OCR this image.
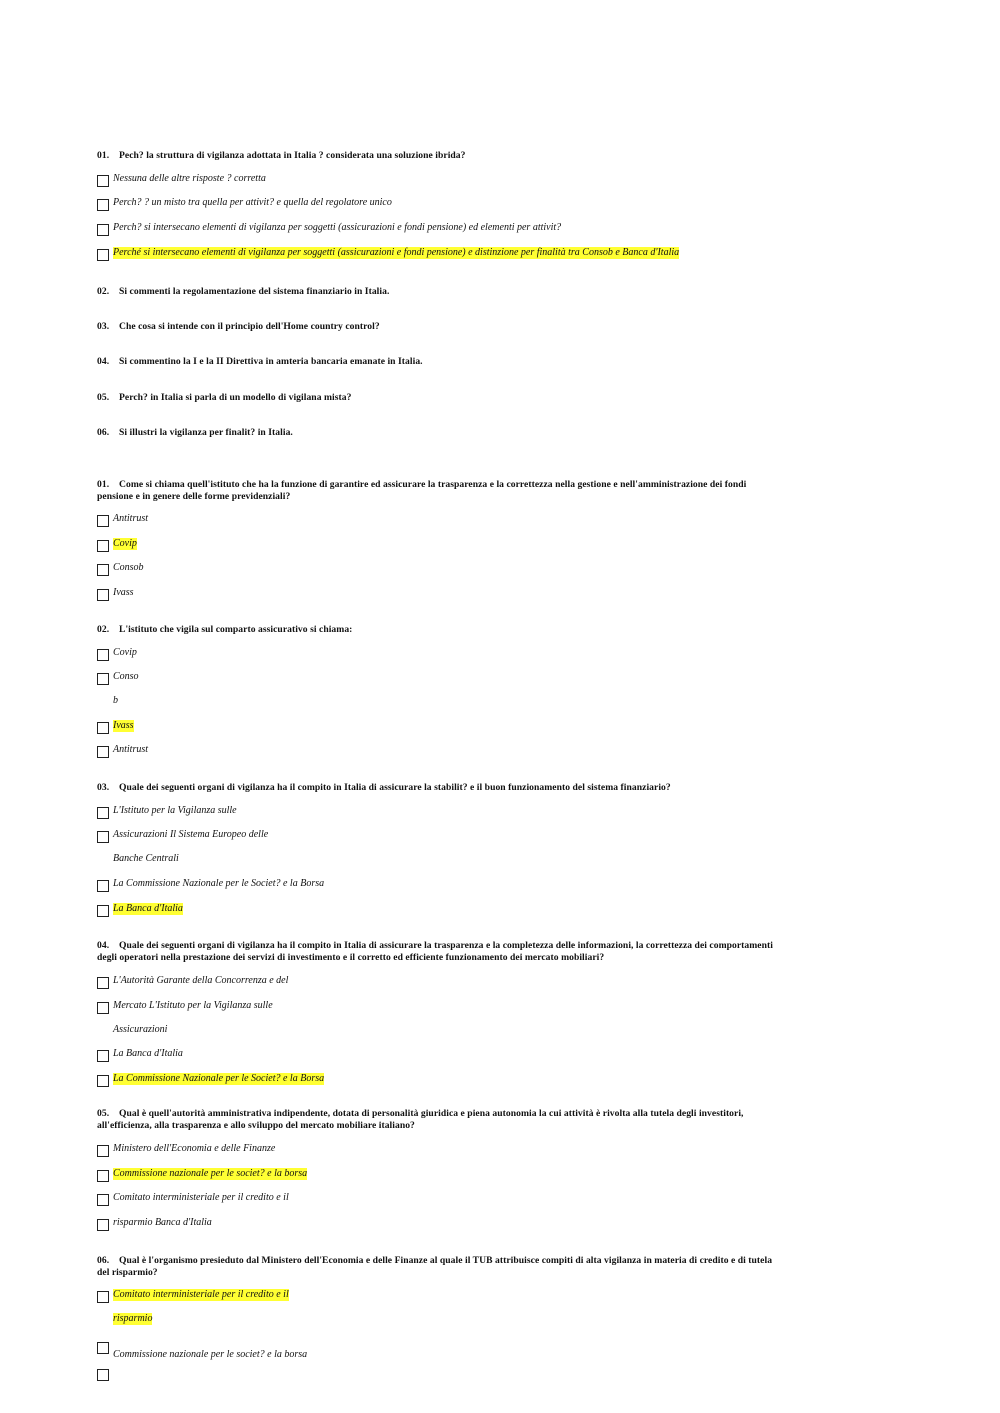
01. Pech? la struttura di vigilanza adottata in Italia ? considerata una soluzione ibrida?
Nessuna delle altre risposte ? corretta
Perch? ? un misto tra quella per attivit? e quella del regolatore unico
Perch? si intersecano elementi di vigilanza per soggetti (assicurazioni e fondi pensione) ed elementi per attivit?
Perché si intersecano elementi di vigilanza per soggetti (assicurazioni e fondi pensione) e distinzione per finalità tra Consob e Banca d'Italia
02. Si commenti la regolamentazione del sistema finanziario in Italia.
03. Che cosa si intende con il principio dell'Home country control?
04. Si commentino la I e la II Direttiva in amteria bancaria emanate in Italia.
05. Perch? in Italia si parla di un modello di vigilana mista?
06. Si illustri la vigilanza per finalit? in Italia.
01. Come si chiama quell'istituto che ha la funzione di garantire ed assicurare la trasparenza e la correttezza nella gestione e nell'amministrazione dei fondi
pensione e in genere delle forme previdenziali?
Antitrust
Covip
Consob
Ivass
02. L'istituto che vigila sul comparto assicurativo si chiama:
Covip
Conso
b
Ivass
Antitrust
03. Quale dei seguenti organi di vigilanza ha il compito in Italia di assicurare la stabilit? e il buon funzionamento del sistema finanziario?
L'Istituto per la Vigilanza sulle
Assicurazioni Il Sistema Europeo delle
Banche Centrali
La Commissione Nazionale per le Societ? e la Borsa
La Banca d'Italia
04. Quale dei seguenti organi di vigilanza ha il compito in Italia di assicurare la trasparenza e la completezza delle informazioni, la correttezza dei comportamenti
degli operatori nella prestazione dei servizi di investimento e il corretto ed efficiente funzionamento dei mercato mobiliari?
L'Autorità Garante della Concorrenza e del
Mercato L'Istituto per la Vigilanza sulle
Assicurazioni
La Banca d'Italia
La Commissione Nazionale per le Societ? e la Borsa
05. Qual è quell'autorità amministrativa indipendente, dotata di personalità giuridica e piena autonomia la cui attività è rivolta alla tutela degli investitori,
all'efficienza, alla trasparenza e allo sviluppo del mercato mobiliare italiano?
Ministero dell'Economia e delle Finanze
Commissione nazionale per le societ? e la borsa
Comitato interministeriale per il credito e il
risparmio Banca d'Italia
06. Qual è l'organismo presieduto dal Ministero dell'Economia e delle Finanze al quale il TUB attribuisce compiti di alta vigilanza in materia di credito e di tutela
del risparmio?
Comitato interministeriale per il credito e il
risparmio
Commissione nazionale per le societ? e la borsa
